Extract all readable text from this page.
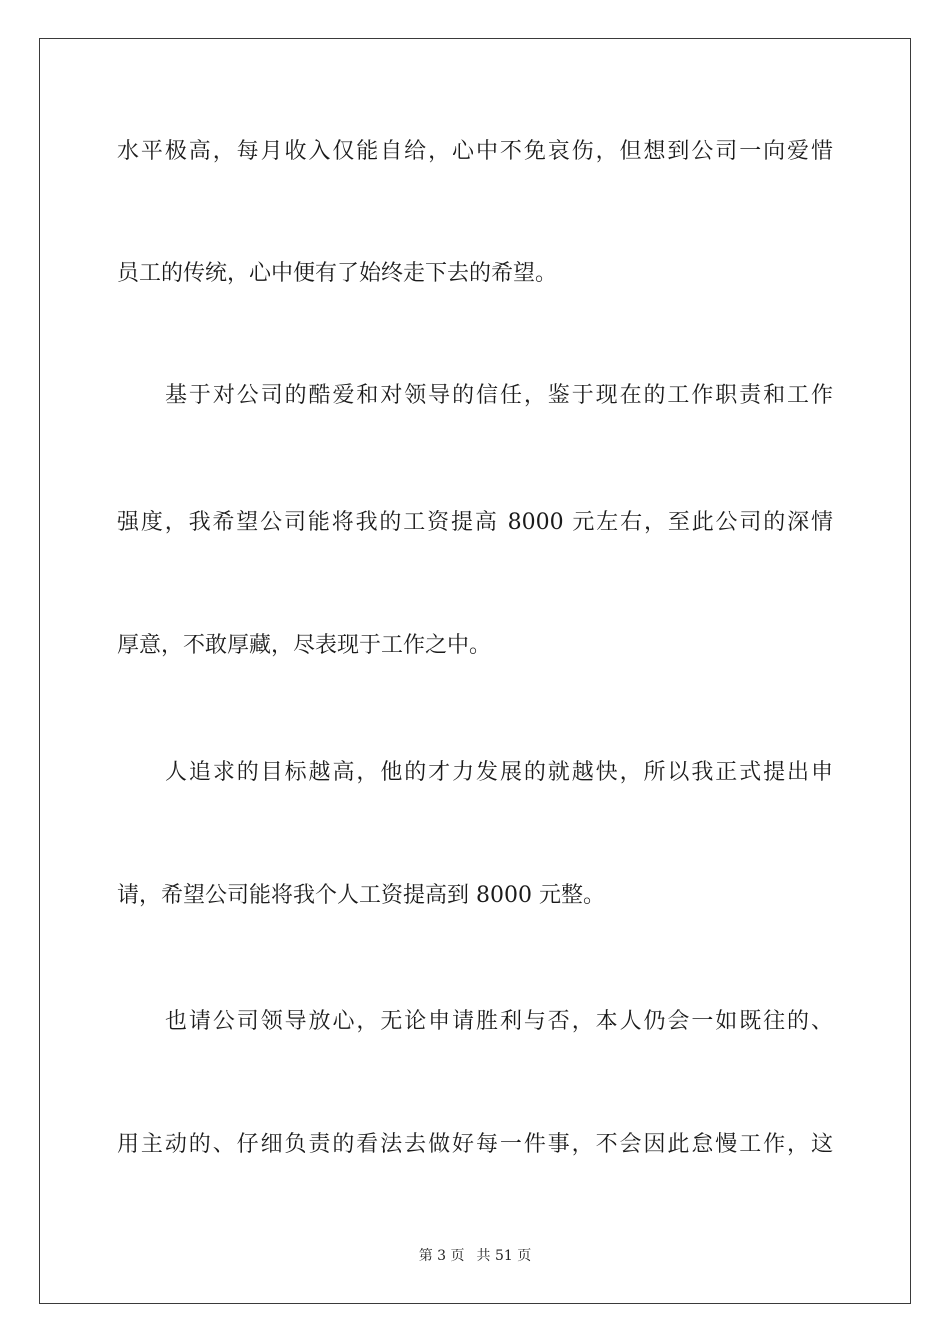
水平极高，每月收入仅能自给，心中不免哀伤，但想到公司一向爱惜
员工的传统，心中便有了始终走下去的希望。
基于对公司的酷爱和对领导的信任，鉴于现在的工作职责和工作
强度，我希望公司能将我的工资提高 8000 元左右，至此公司的深情
厚意，不敢厚藏，尽表现于工作之中。
人追求的目标越高，他的才力发展的就越快，所以我正式提出申
请，希望公司能将我个人工资提高到 8000 元整。
也请公司领导放心，无论申请胜利与否，本人仍会一如既往的、
用主动的、仔细负责的看法去做好每一件事，不会因此怠慢工作，这
第 3 页 共 51 页
